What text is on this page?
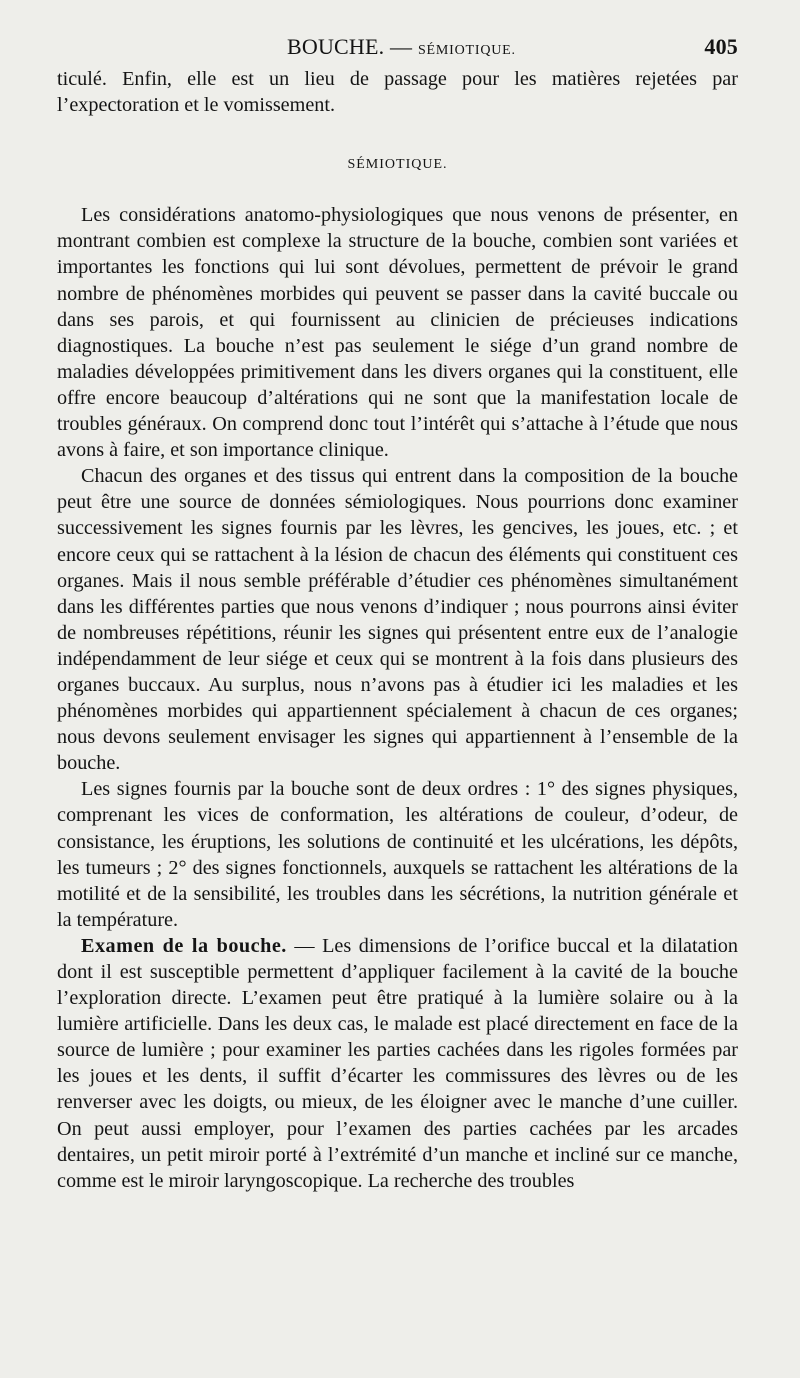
BOUCHE. — SÉMIOTIQUE.	405

ticulé. Enfin, elle est un lieu de passage pour les matières rejetées par l’expectoration et le vomissement.

SÉMIOTIQUE.

Les considérations anatomo-physiologiques que nous venons de présenter, en montrant combien est complexe la structure de la bouche, combien sont variées et importantes les fonctions qui lui sont dévolues, permettent de prévoir le grand nombre de phénomènes morbides qui peuvent se passer dans la cavité buccale ou dans ses parois, et qui fournissent au clinicien de précieuses indications diagnostiques. La bouche n’est pas seulement le siége d’un grand nombre de maladies développées primitivement dans les divers organes qui la constituent, elle offre encore beaucoup d’altérations qui ne sont que la manifestation locale de troubles généraux. On comprend donc tout l’intérêt qui s’attache à l’étude que nous avons à faire, et son importance clinique.

Chacun des organes et des tissus qui entrent dans la composition de la bouche peut être une source de données sémiologiques. Nous pourrions donc examiner successivement les signes fournis par les lèvres, les gencives, les joues, etc. ; et encore ceux qui se rattachent à la lésion de chacun des éléments qui constituent ces organes. Mais il nous semble préférable d’étudier ces phénomènes simultanément dans les différentes parties que nous venons d’indiquer ; nous pourrons ainsi éviter de nombreuses répétitions, réunir les signes qui présentent entre eux de l’analogie indépendamment de leur siége et ceux qui se montrent à la fois dans plusieurs des organes buccaux. Au surplus, nous n’avons pas à étudier ici les maladies et les phénomènes morbides qui appartiennent spécialement à chacun de ces organes; nous devons seulement envisager les signes qui appartiennent à l’ensemble de la bouche.

Les signes fournis par la bouche sont de deux ordres : 1° des signes physiques, comprenant les vices de conformation, les altérations de couleur, d’odeur, de consistance, les éruptions, les solutions de continuité et les ulcérations, les dépôts, les tumeurs ; 2° des signes fonctionnels, auxquels se rattachent les altérations de la motilité et de la sensibilité, les troubles dans les sécrétions, la nutrition générale et la température.

Examen de la bouche. — Les dimensions de l’orifice buccal et la dilatation dont il est susceptible permettent d’appliquer facilement à la cavité de la bouche l’exploration directe. L’examen peut être pratiqué à la lumière solaire ou à la lumière artificielle. Dans les deux cas, le malade est placé directement en face de la source de lumière ; pour examiner les parties cachées dans les rigoles formées par les joues et les dents, il suffit d’écarter les commissures des lèvres ou de les renverser avec les doigts, ou mieux, de les éloigner avec le manche d’une cuiller. On peut aussi employer, pour l’examen des parties cachées par les arcades dentaires, un petit miroir porté à l’extrémité d’un manche et incliné sur ce manche, comme est le miroir laryngoscopique. La recherche des troubles
